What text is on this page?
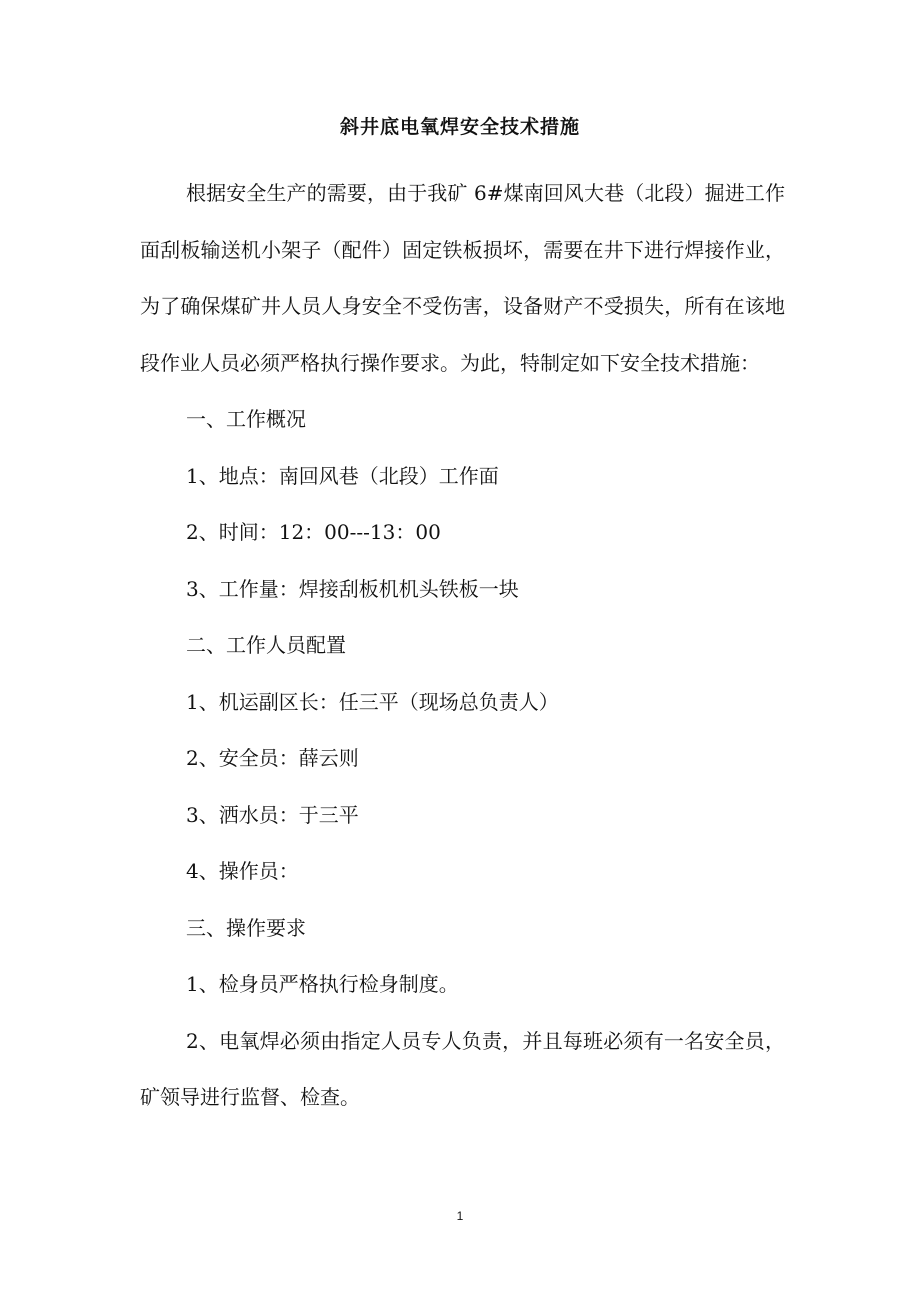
斜井底电氧焊安全技术措施

根据安全生产的需要，由于我矿 6#煤南回风大巷（北段）掘进工作面刮板输送机小架子（配件）固定铁板损坏，需要在井下进行焊接作业，为了确保煤矿井人员人身安全不受伤害，设备财产不受损失，所有在该地段作业人员必须严格执行操作要求。为此，特制定如下安全技术措施：

一、工作概况

1、地点：南回风巷（北段）工作面

2、时间：12：00---13：00

3、工作量：焊接刮板机机头铁板一块

二、工作人员配置

1、机运副区长：任三平（现场总负责人）

2、安全员：薛云则

3、洒水员：于三平

4、操作员：

三、操作要求

1、检身员严格执行检身制度。

2、电氧焊必须由指定人员专人负责，并且每班必须有一名安全员，矿领导进行监督、检查。

1
